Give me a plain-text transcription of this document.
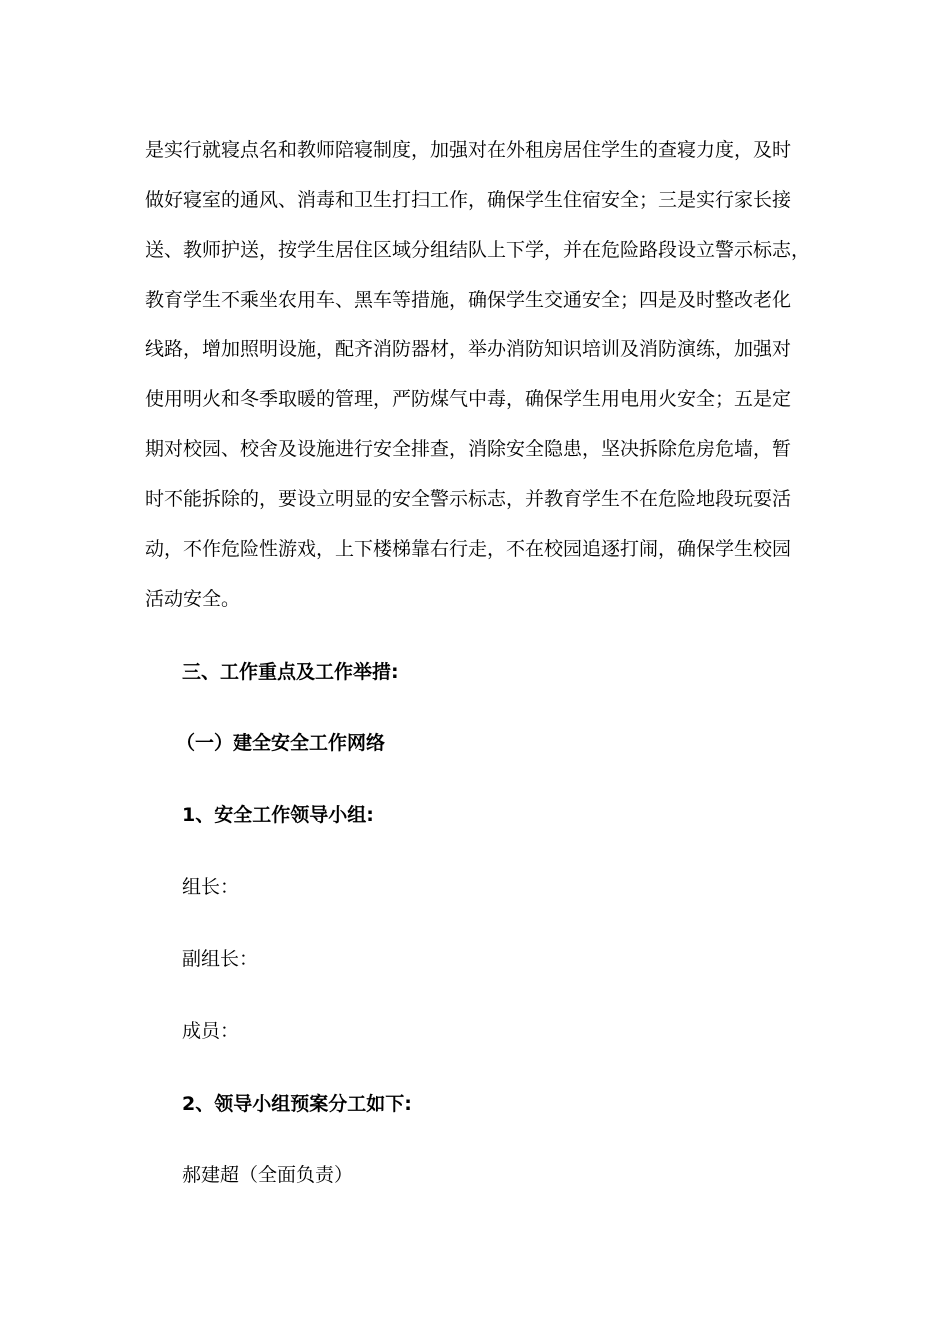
是实行就寝点名和教师陪寝制度，加强对在外租房居住学生的查寝力度，及时
做好寝室的通风、消毒和卫生打扫工作，确保学生住宿安全；三是实行家长接
送、教师护送，按学生居住区域分组结队上下学，并在危险路段设立警示标志，
教育学生不乘坐农用车、黑车等措施，确保学生交通安全；四是及时整改老化
线路，增加照明设施，配齐消防器材，举办消防知识培训及消防演练，加强对
使用明火和冬季取暖的管理，严防煤气中毒，确保学生用电用火安全；五是定
期对校园、校舍及设施进行安全排查，消除安全隐患，坚决拆除危房危墙，暂
时不能拆除的，要设立明显的安全警示标志，并教育学生不在危险地段玩耍活
动，不作危险性游戏，上下楼梯靠右行走，不在校园追逐打闹，确保学生校园
活动安全。
三、工作重点及工作举措:
（一）建全安全工作网络
1、安全工作领导小组:
组长：
副组长：
成员：
2、领导小组预案分工如下:
郝建超（全面负责）
